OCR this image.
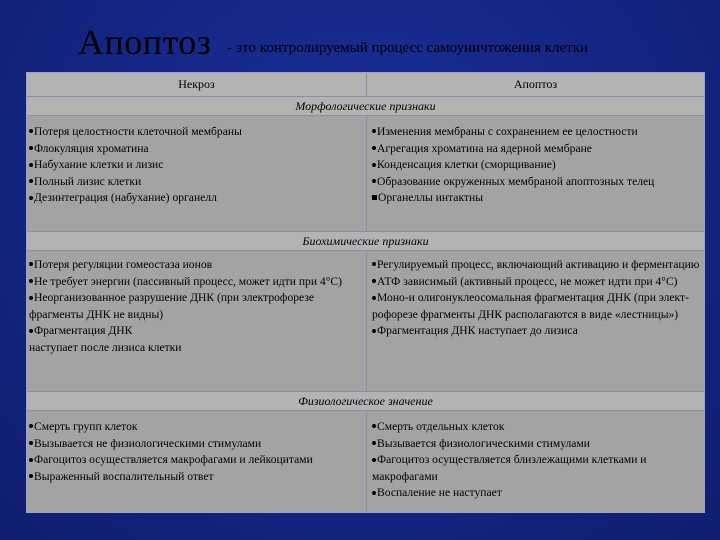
Апоптоз - это контролируемый процесс самоуничтожения клетки
Некроз	Апоптоз
Морфологические признаки
Потеря целостности клеточной мембраны
Флокуляция хроматина
Набухание клетки и лизис
Полный лизис клетки
Дезинтеграция (набухание) органелл
Изменения мембраны с сохранением ее целостности
Агрегация хроматина на ядерной мембране
Конденсация клетки (сморщивание)
Образование окруженных мембраной апоптозных телец
Органеллы интактны
Биохимические признаки
Потеря регуляции гомеостаза ионов
Не требует энергии (пассивный процесс, может идти при 4°С)
Неорганизованное разрушение ДНК (при электрофорезе фрагменты ДНК не видны)
Фрагментация ДНК
наступает после лизиса клетки
Регулируемый процесс, включающий активацию и ферментацию
АТФ зависимый (активный процесс, не может идти при 4°С)
Моно-и олигонуклеосомальная фрагментация ДНК (при элект-рофорезе фрагменты ДНК располагаются в виде «лестницы»)
Фрагментация ДНК наступает до лизиса
Физиологическое значение
Смерть групп клеток
Вызывается не физиологическими стимулами
Фагоцитоз осуществляется макрофагами и лейкоцитами
Выраженный воспалительный ответ
Смерть отдельных клеток
Вызывается физиологическими стимулами
Фагоцитоз осуществляется близлежащими клетками и макрофагами
Воспаление не наступает
